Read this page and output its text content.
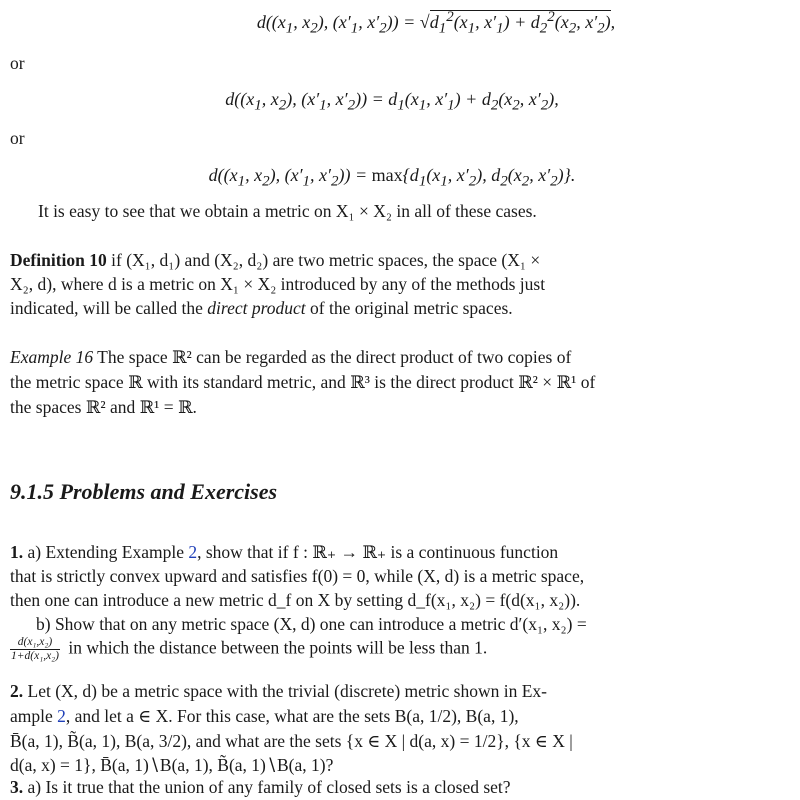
$d((x_1$, $x_2$), ($x'_1$, $x'_2)) = √d_1^2(x_1$, $x'_1) + d_2^2(x_2$, $x'_2$),
or
$d((x_1$, $x_2$), ($x'_1$, $x'_2)) = d_1(x_1$, $x'_1) + d_2(x_2$, $x'_2$),
or
$d((x_1$, $x_2$), ($x'_1$, $x'_2)) = \max\{d_1(x_1$, $x'_2$), $d_2(x_2$, $x'_2$)}.
It is easy to see that we obtain a metric on X₁ × X₂ in all of these cases.
Definition 10 if (X₁, d₁) and (X₂, d₂) are two metric spaces, the space (X₁ ×
X₂, d), where d is a metric on X₁ × X₂ introduced by any of the methods just
indicated, will be called the direct product of the original metric spaces.
Example 16 The space ℝ² can be regarded as the direct product of two copies of
the metric space ℝ with its standard metric, and ℝ³ is the direct product ℝ² × ℝ¹ of
the spaces ℝ² and ℝ¹ = ℝ.
9.1.5 Problems and Exercises
1. a) Extending Example 2, show that if f : ℝ₊ → ℝ₊ is a continuous function
that is strictly convex upward and satisfies f(0) = 0, while (X, d) is a metric space,
then one can introduce a new metric d_f on X by setting d_f(x₁, x₂) = f(d(x₁, x₂)).
b) Show that on any metric space (X, d) one can introduce a metric d′(x₁, x₂) =
$\frac{\text{d(x₁,x₂)}}{\text{1+d(x₁,x₂)}}$ in which the distance between the points will be less than 1.
2. Let (X, d) be a metric space with the trivial (discrete) metric shown in Ex-
ample 2, and let a ∈ X. For this case, what are the sets B(a, 1/2), B(a, 1),
B̄(a, 1), B̃(a, 1), B(a, 3/2), and what are the sets {x ∈ X | d(a, x) = 1/2}, {x ∈ X |
d(a, x) = 1}, B̄(a, 1)∖B(a, 1), B̃(a, 1)∖B(a, 1)?
3. a) Is it true that the union of any family of closed sets is a closed set?
